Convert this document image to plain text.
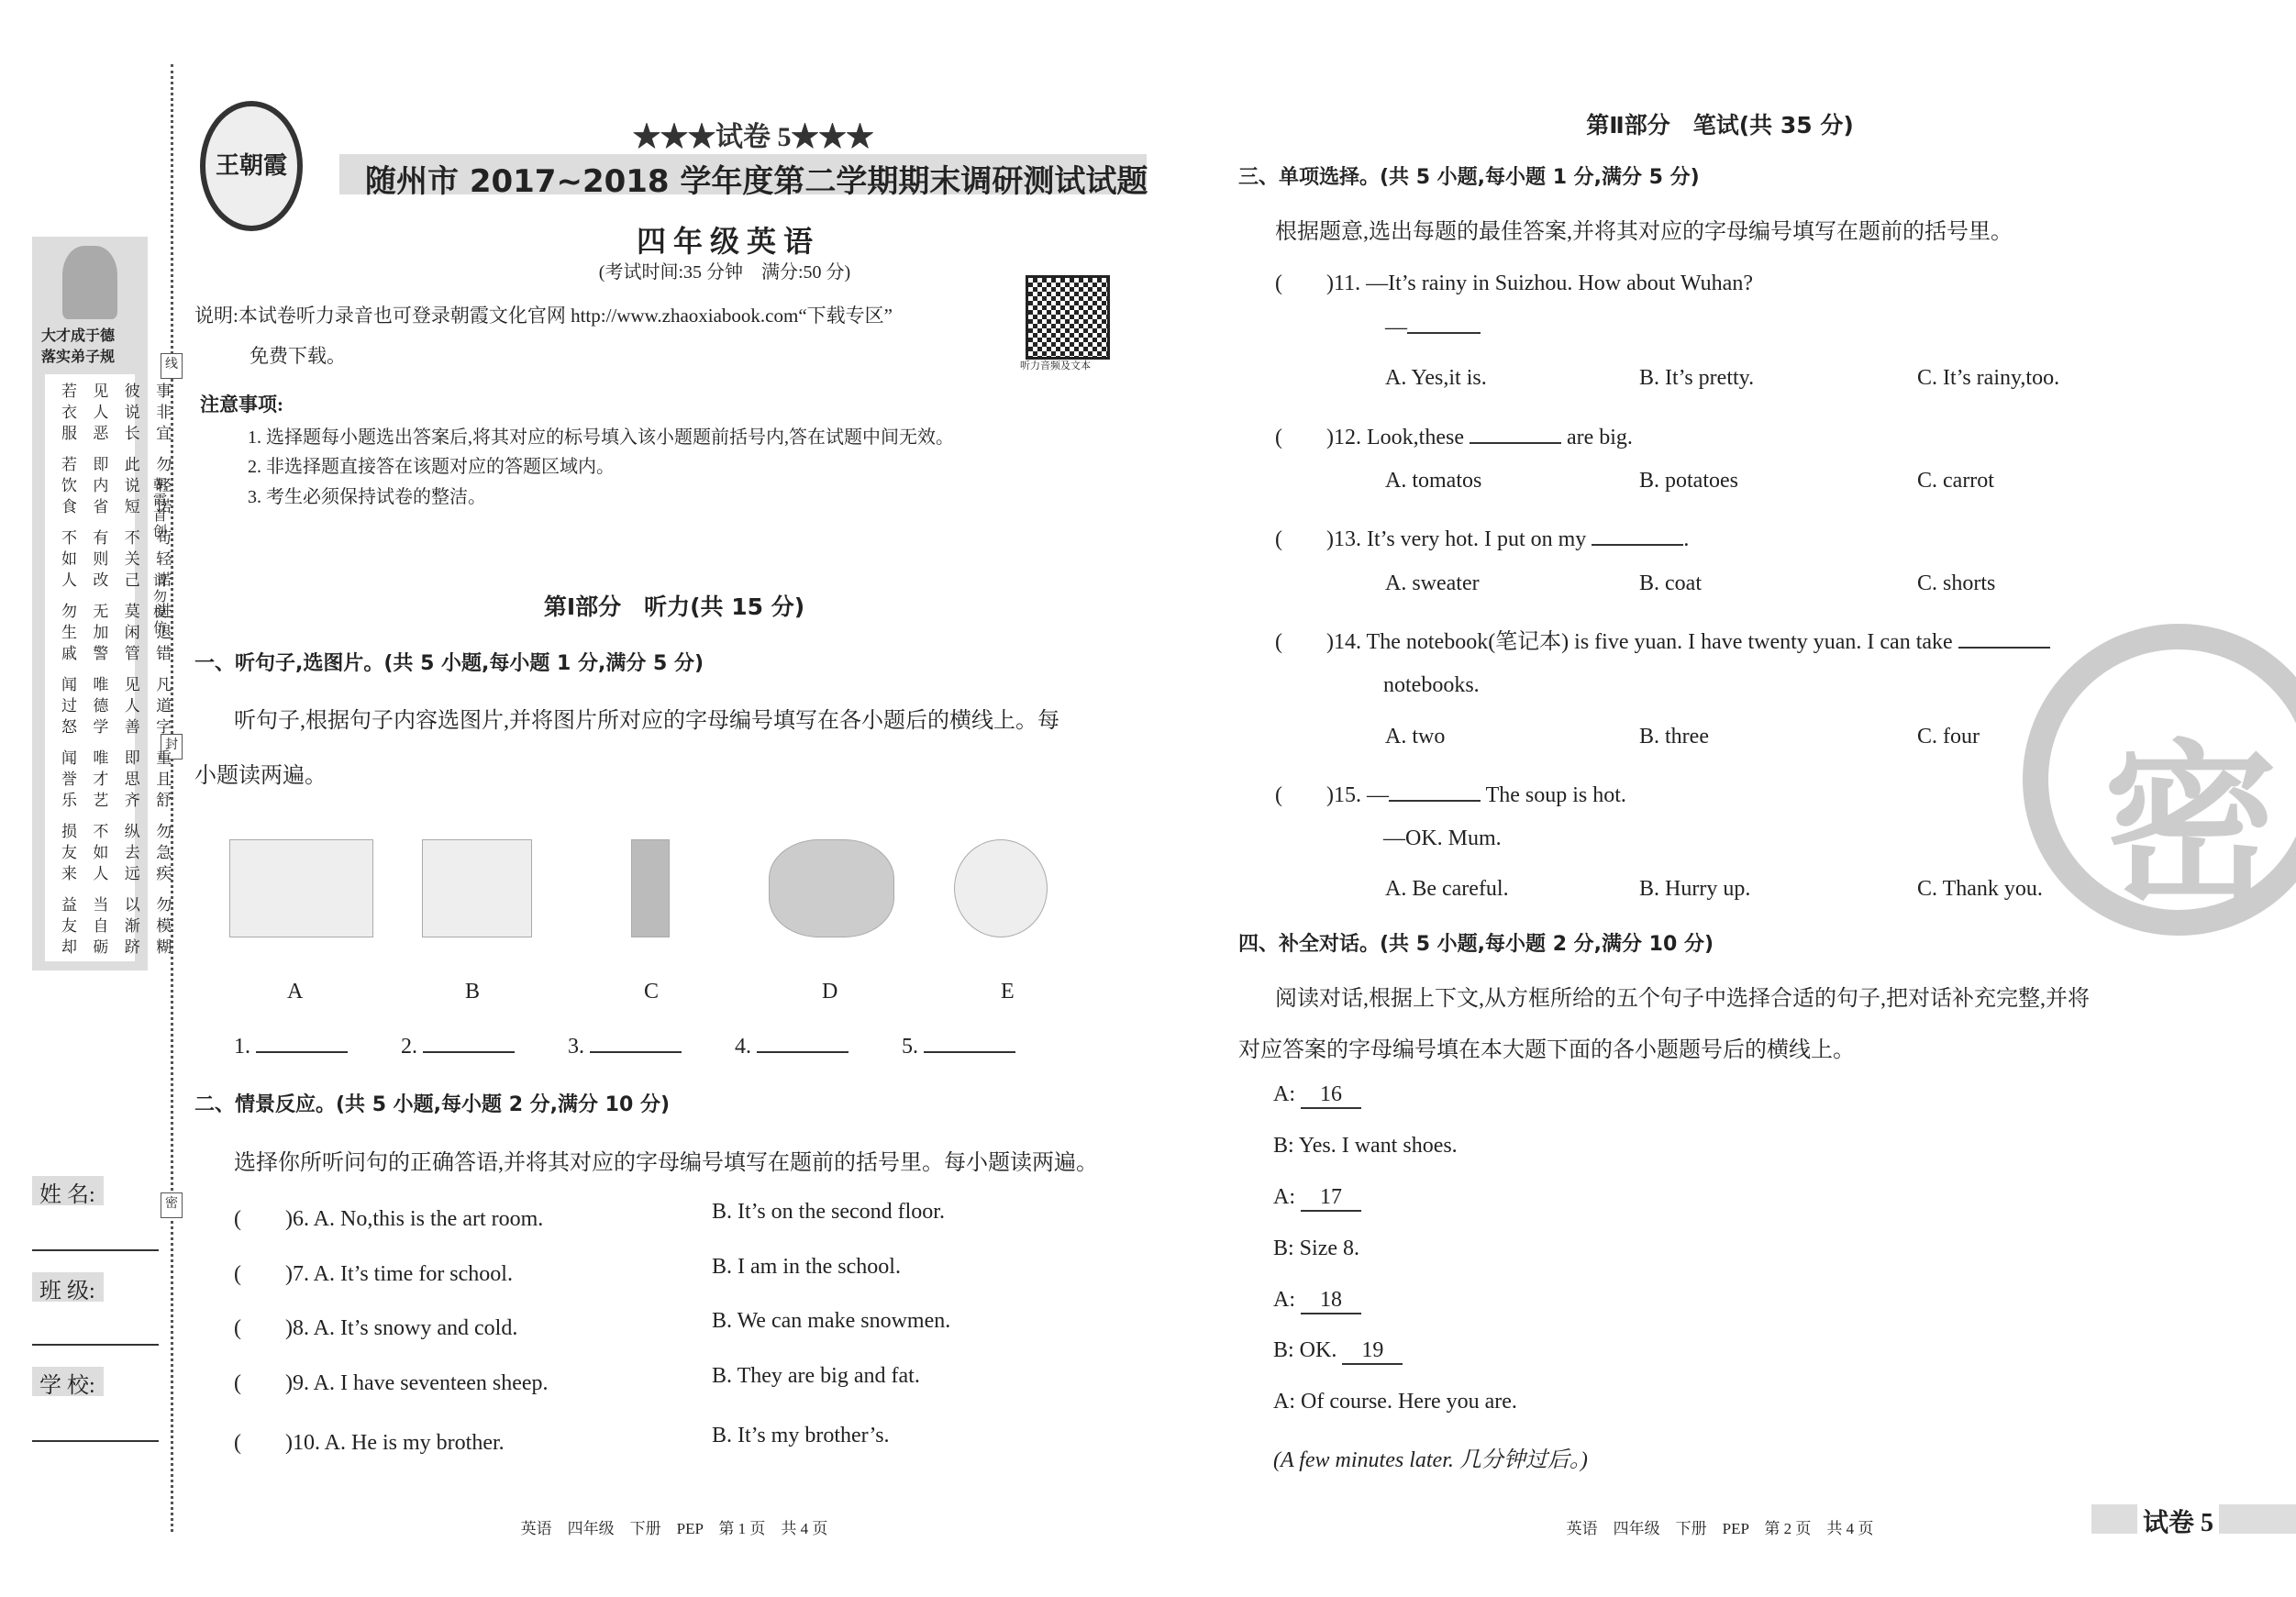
线
封
密
朝霞首创
请勿模仿
大才成于德
落实弟子规
若 见 彼 事
衣 人 说 非
服 恶 长 宜
若 即 此 勿
饮 内 说 轻
食 省 短 诺
不 有 不 苟
如 则 关 轻
人 改 己 诺
勿 无 莫 进
生 加 闲 退
戚 警 管 错
闻 唯 见 凡
过 德 人 道
怒 学 善 字
闻 唯 即 重
誉 才 思 且
乐 艺 齐 舒
损 不 纵 勿
友 如 去 急
来 人 远 疾
益 当 以 勿
友 自 渐 模
却 砺 跻 糊
姓 名:
班 级:
学 校:
王朝霞
★★★试卷 5★★★
随州市 2017~2018 学年度第二学期期末调研测试试题
四 年 级 英 语
(考试时间:35 分钟　满分:50 分)
说明:本试卷听力录音也可登录朝霞文化官网 http://www.zhaoxiabook.com“下载专区”
免费下载。	听力音频及文本
注意事项:
1. 选择题每小题选出答案后,将其对应的标号填入该小题题前括号内,答在试题中间无效。
2. 非选择题直接答在该题对应的答题区域内。
3. 考生必须保持试卷的整洁。
第Ⅰ部分　听力(共 15 分)
一、听句子,选图片。(共 5 小题,每小题 1 分,满分 5 分)
听句子,根据句子内容选图片,并将图片所对应的字母编号填写在各小题后的横线上。每
小题读两遍。
A	B	C	D	E
1.	2.	3.	4.	5.
二、情景反应。(共 5 小题,每小题 2 分,满分 10 分)
选择你所听问句的正确答语,并将其对应的字母编号填写在题前的括号里。每小题读两遍。
(　　)6. A. No,this is the art room.	B. It’s on the second floor.
(　　)7. A. It’s time for school.	B. I am in the school.
(　　)8. A. It’s snowy and cold.	B. We can make snowmen.
(　　)9. A. I have seventeen sheep.	B. They are big and fat.
(　　)10. A. He is my brother.	B. It’s my brother’s.
英语　四年级　下册　PEP　第 1 页　共 4 页
密
第Ⅱ部分　笔试(共 35 分)
三、单项选择。(共 5 小题,每小题 1 分,满分 5 分)
根据题意,选出每题的最佳答案,并将其对应的字母编号填写在题前的括号里。
(　　)11. —It’s rainy in Suizhou. How about Wuhan?
—
A. Yes,it is.	B. It’s pretty.	C. It’s rainy,too.
(　　)12. Look,these	are big.
A. tomatos	B. potatoes	C. carrot
(　　)13. It’s very hot. I put on my	.
A. sweater	B. coat	C. shorts
(　　)14. The notebook(笔记本) is five yuan. I have twenty yuan. I can take
notebooks.
A. two	B. three	C. four
(　　)15. —	The soup is hot.
—OK. Mum.
A. Be careful.	B. Hurry up.	C. Thank you.
四、补全对话。(共 5 小题,每小题 2 分,满分 10 分)
阅读对话,根据上下文,从方框所给的五个句子中选择合适的句子,把对话补充完整,并将
对应答案的字母编号填在本大题下面的各小题题号后的横线上。
A: 16
B: Yes. I want shoes.
A: 17
B: Size 8.
A: 18
B: OK. 19
A: Of course. Here you are.
(A few minutes later. 几分钟过后。)
英语　四年级　下册　PEP　第 2 页　共 4 页	试卷 5
